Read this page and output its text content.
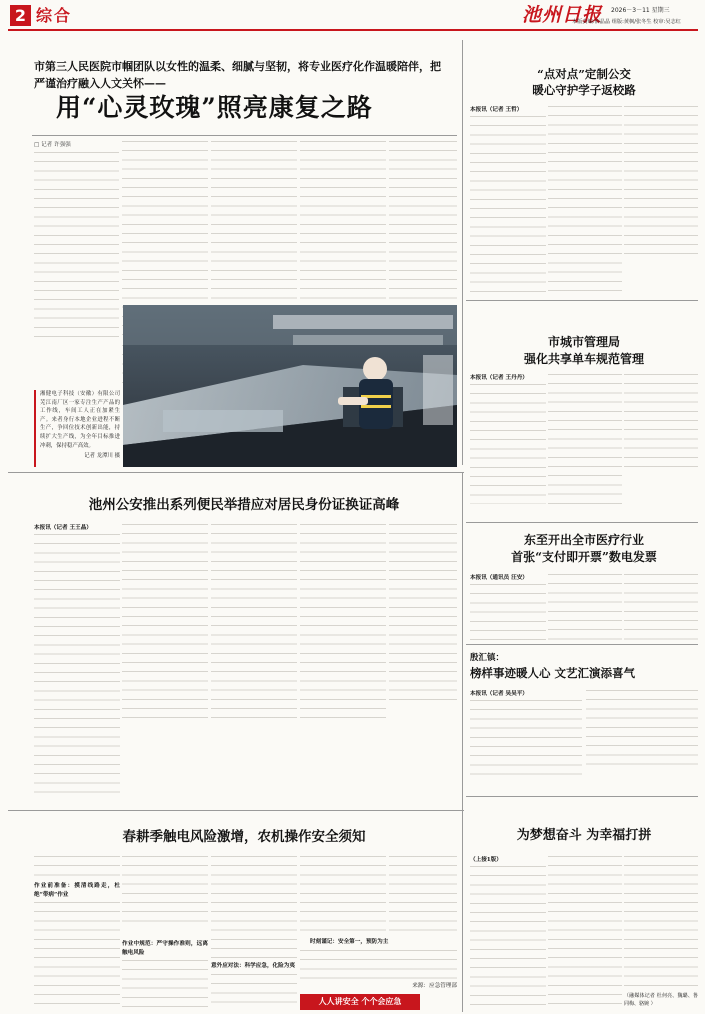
2 综合	池州日报 2026－3－11 星期三
本版责编:佰晶晶 组版:黄枫/张冬生 校审:吴志红
市第三人民医院市帼团队以女性的温柔、细腻与坚韧，将专业医疗化作温暖陪伴，把严谨治疗融入人文关怀——
用“心灵玫瑰”照亮康复之路
□ 记者 许强强
湘健电子科技（安徽）有限公司芜江南厂区一家专注生产产品的工作线，车间工人正在加紧生产。来者身行本地企业进程不断生产，争回位技术创新出能，持续扩大生产线，为全年目标推进冲刺，保持稳产高效。
记者 龙潭川 摄
“点对点”定制公交
暖心守护学子返校路
本报讯（记者 王哲）
市城市管理局
强化共享单车规范管理
本报讯（记者 王丹丹）
东至开出全市医疗行业
首张“支付即开票”数电发票
本报讯（通讯员 汪安）
殷汇镇：
榜样事迹暖人心 文艺汇演添喜气
本报讯（记者 吴吴平）
池州公安推出系列便民举措应对居民身份证换证高峰
本报讯（记者 王王晶）
春耕季触电风险激增，农机操作安全须知
作业前准备：摸清线路走，杜绝“带病”作业
作业中规范：严守操作准则，远离触电风险
意外应对法：科学应急，化险为夷
时刻谨记：安全第一，预防为主
来源：应急管理部
人人讲安全 个个会应急
为梦想奋斗 为幸福打拼
（上接1版）
（融媒体记者 杜何亮、魏璐、鲁同梅、骆婉 ）
